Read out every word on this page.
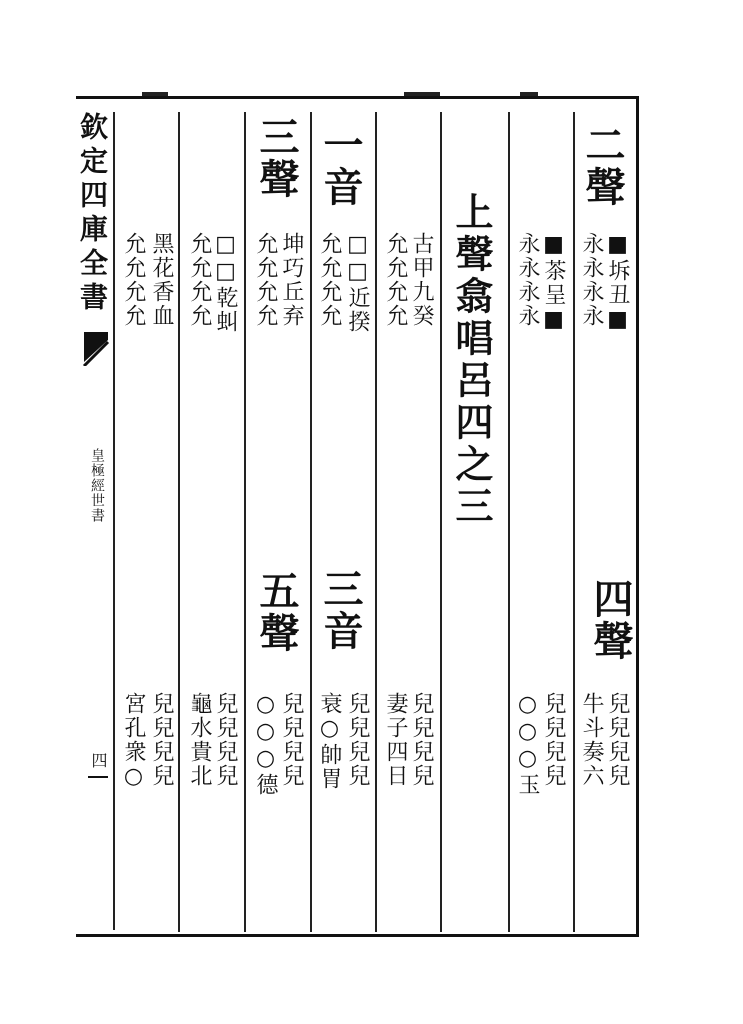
欽定四庫全書
皇極經世書
四
二聲
■坼丑■
永永永永
四聲
兒兒兒兒
牛斗奏六
■茶呈■
永永永永
兒兒兒兒
○○○玉
上聲翕唱呂四之三
古甲九癸
允允允允
兒兒兒兒
妻子四日
一音
□□近揆
允允允允
三音
兒兒兒兒
衰○帥胃
三聲
坤巧丘弃
允允允允
五聲
兒兒兒兒
○○○德
□□乾虯
允允允允
兒兒兒兒
龜水貴北
黑花香血
允允允允
兒兒兒兒
宮孔衆○
